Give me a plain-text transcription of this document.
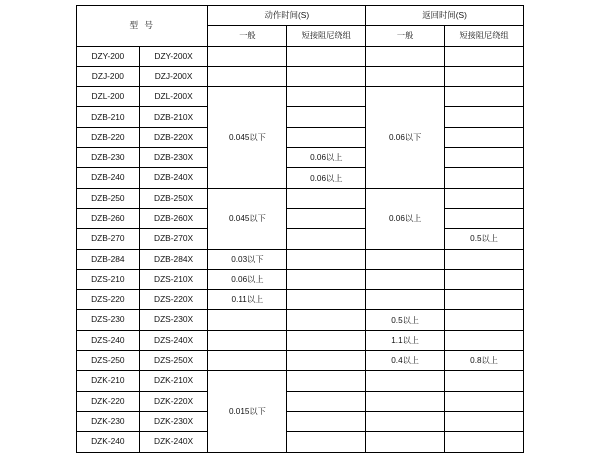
型 号		动作时间(S)		返回时间(S)	
		一般	短接阻尼绕组	一般	短接阻尼绕组
DZY-200	DZY-200X				
DZJ-200	DZJ-200X				
DZL-200	DZL-200X	0.045以下		0.06以下	
DZB-210	DZB-210X				
DZB-220	DZB-220X				
DZB-230	DZB-230X		0.06以上		
DZB-240	DZB-240X		0.06以上		
DZB-250	DZB-250X	0.045以下		0.06以上	
DZB-260	DZB-260X				
DZB-270	DZB-270X				0.5以上
DZB-284	DZB-284X	0.03以下			
DZS-210	DZS-210X	0.06以上			
DZS-220	DZS-220X	0.11以上			
DZS-230	DZS-230X			0.5以上	
DZS-240	DZS-240X			1.1以上	
DZS-250	DZS-250X			0.4以上	0.8以上
DZK-210	DZK-210X	0.015以下			
DZK-220	DZK-220X				
DZK-230	DZK-230X				
DZK-240	DZK-240X				
